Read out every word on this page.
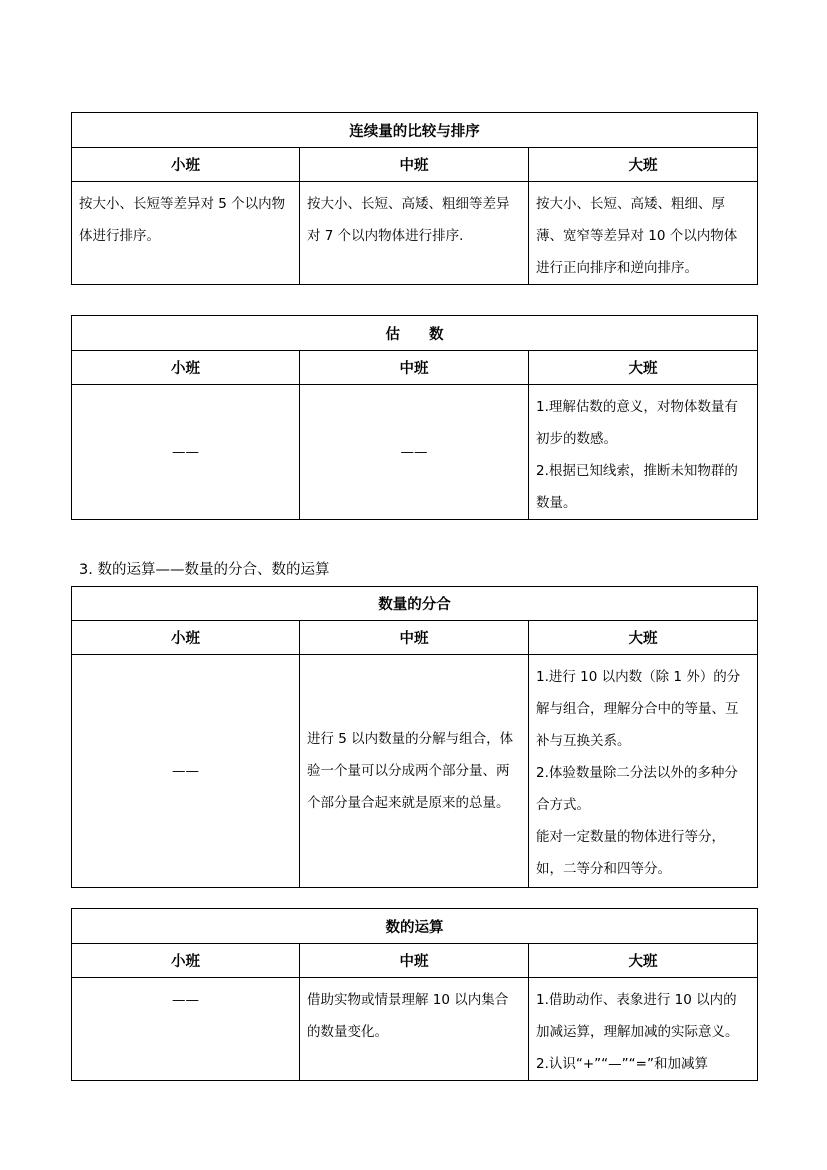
连续量的比较与排序		
小班	中班	大班

按大小、长短等差异对 5 个以内物体进行排序。	按大小、长短、高矮、粗细等差异对 7 个以内物体进行排序.	按大小、长短、高矮、粗细、厚薄、宽窄等差异对 10 个以内物体进行正向排序和逆向排序。
估　　数		
小班	中班	大班
——	——	1.理解估数的意义，对物体数量有初步的数感。
2.根据已知线索，推断未知物群的数量。
3. 数的运算——数量的分合、数的运算
数量的分合		
小班	中班	大班
——	进行 5 以内数量的分解与组合，体验一个量可以分成两个部分量、两个部分量合起来就是原来的总量。	1.进行 10 以内数（除 1 外）的分解与组合，理解分合中的等量、互补与互换关系。
2.体验数量除二分法以外的多种分合方式。
能对一定数量的物体进行等分，如，二等分和四等分。
数的运算		
小班	中班	大班
——	借助实物或情景理解 10 以内集合的数量变化。	1.借助动作、表象进行 10 以内的加减运算，理解加减的实际意义。
2.认识“+”“—”“=”和加减算
